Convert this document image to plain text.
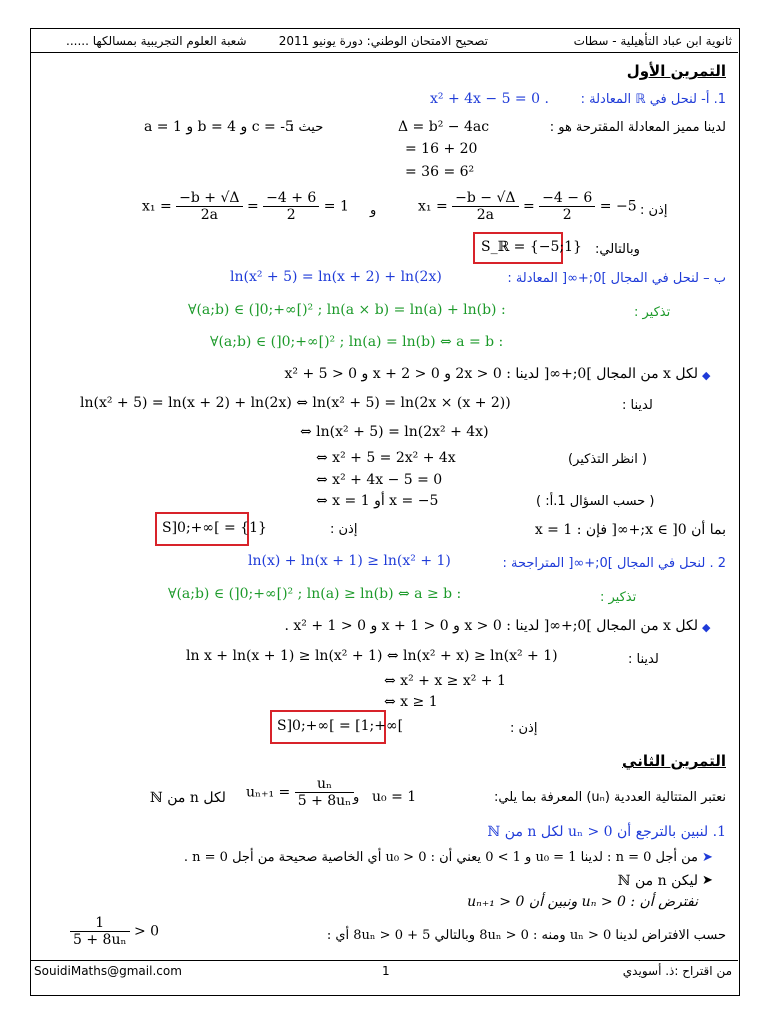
ثانوية ابن عباد التأهيلية - سطات
تصحيح الامتحان الوطني: دورة يونيو 2011
شعبة العلوم التجريبية بمسالكها ......
التمرين الأول
1. أ- لنحل في ℝ المعادلة :
x² + 4x − 5 = 0 .
لدينا مميز المعادلة المقترحة هو :
Δ = b² − 4ac
حيث :
a = 1 و b = 4 و c = -5
= 16 + 20
= 36 = 6²
إذن :
$x_1 = \frac{-b - √\Delta}{2a} = \frac{-4 - 6}{2} = -5$
و
$x_1 = \frac{-b + √\Delta}{2a} = \frac{-4 + 6}{2} = 1$
وبالتالي:
S_ℝ = {−5;1}
ب – لنحل في المجال ]0;+∞[ المعادلة :
ln(x² + 5) = ln(x + 2) + ln(2x)
تذكير :
∀(a;b) ∈ (]0;+∞[)² ; ln(a × b) = ln(a) + ln(b) :
∀(a;b) ∈ (]0;+∞[)² ; ln(a) = ln(b) ⇔ a = b :
◆
لكل x من المجال ]0;+∞[ لدينا : 2x > 0 و x + 2 > 0 و x² + 5 > 0
لدينا :
ln(x² + 5) = ln(x + 2) + ln(2x) ⇔ ln(x² + 5) = ln(2x × (x + 2))
⇔ ln(x² + 5) = ln(2x² + 4x)
⇔ x² + 5 = 2x² + 4x	( انظر التذكير)
⇔ x² + 4x − 5 = 0
⇔ x = 1 أو x = −5	( حسب السؤال 1.أ: )
بما أن x ∈ ]0;+∞[ فإن : x = 1
إذن :
S]0;+∞[ = {1}
2 . لنحل في المجال ]0;+∞[ المتراجحة :
ln(x) + ln(x + 1) ≥ ln(x² + 1)
تذكير :
∀(a;b) ∈ (]0;+∞[)² ; ln(a) ≥ ln(b) ⇔ a ≥ b :
◆
لكل x من المجال ]0;+∞[ لدينا : x > 0 و x + 1 > 0 و x² + 1 > 0 .
لدينا :
ln x + ln(x + 1) ≥ ln(x² + 1) ⇔ ln(x² + x) ≥ ln(x² + 1)
⇔ x² + x ≥ x² + 1
⇔ x ≥ 1
إذن :
S]0;+∞[ = [1;+∞[
التمرين الثاني
نعتبر المتتالية العددية (uₙ) المعرفة بما يلي:
u₀ = 1
و
$u_{n+1} = \frac{\text{uₙ}}{\text{5 + 8uₙ}}$
لكل n من ℕ
1. لنبين بالترجع أن uₙ > 0 لكل n من ℕ
➤
من أجل n = 0 : لدينا u₀ = 1 و 1 > 0 يعني أن : u₀ > 0 أي الخاصية صحيحة من أجل n = 0 .
➤
ليكن n من ℕ
نفترض أن : uₙ > 0 ونبين أن uₙ₊₁ > 0
حسب الافتراض لدينا uₙ > 0 ومنه : 8uₙ > 0 وبالتالي 5 + 8uₙ > 0 أي :
$\frac{1}{\text{5 + 8uₙ}} > 0$
SouidiMaths@gmail.com	1	من اقتراح :ذ. أسويدي
